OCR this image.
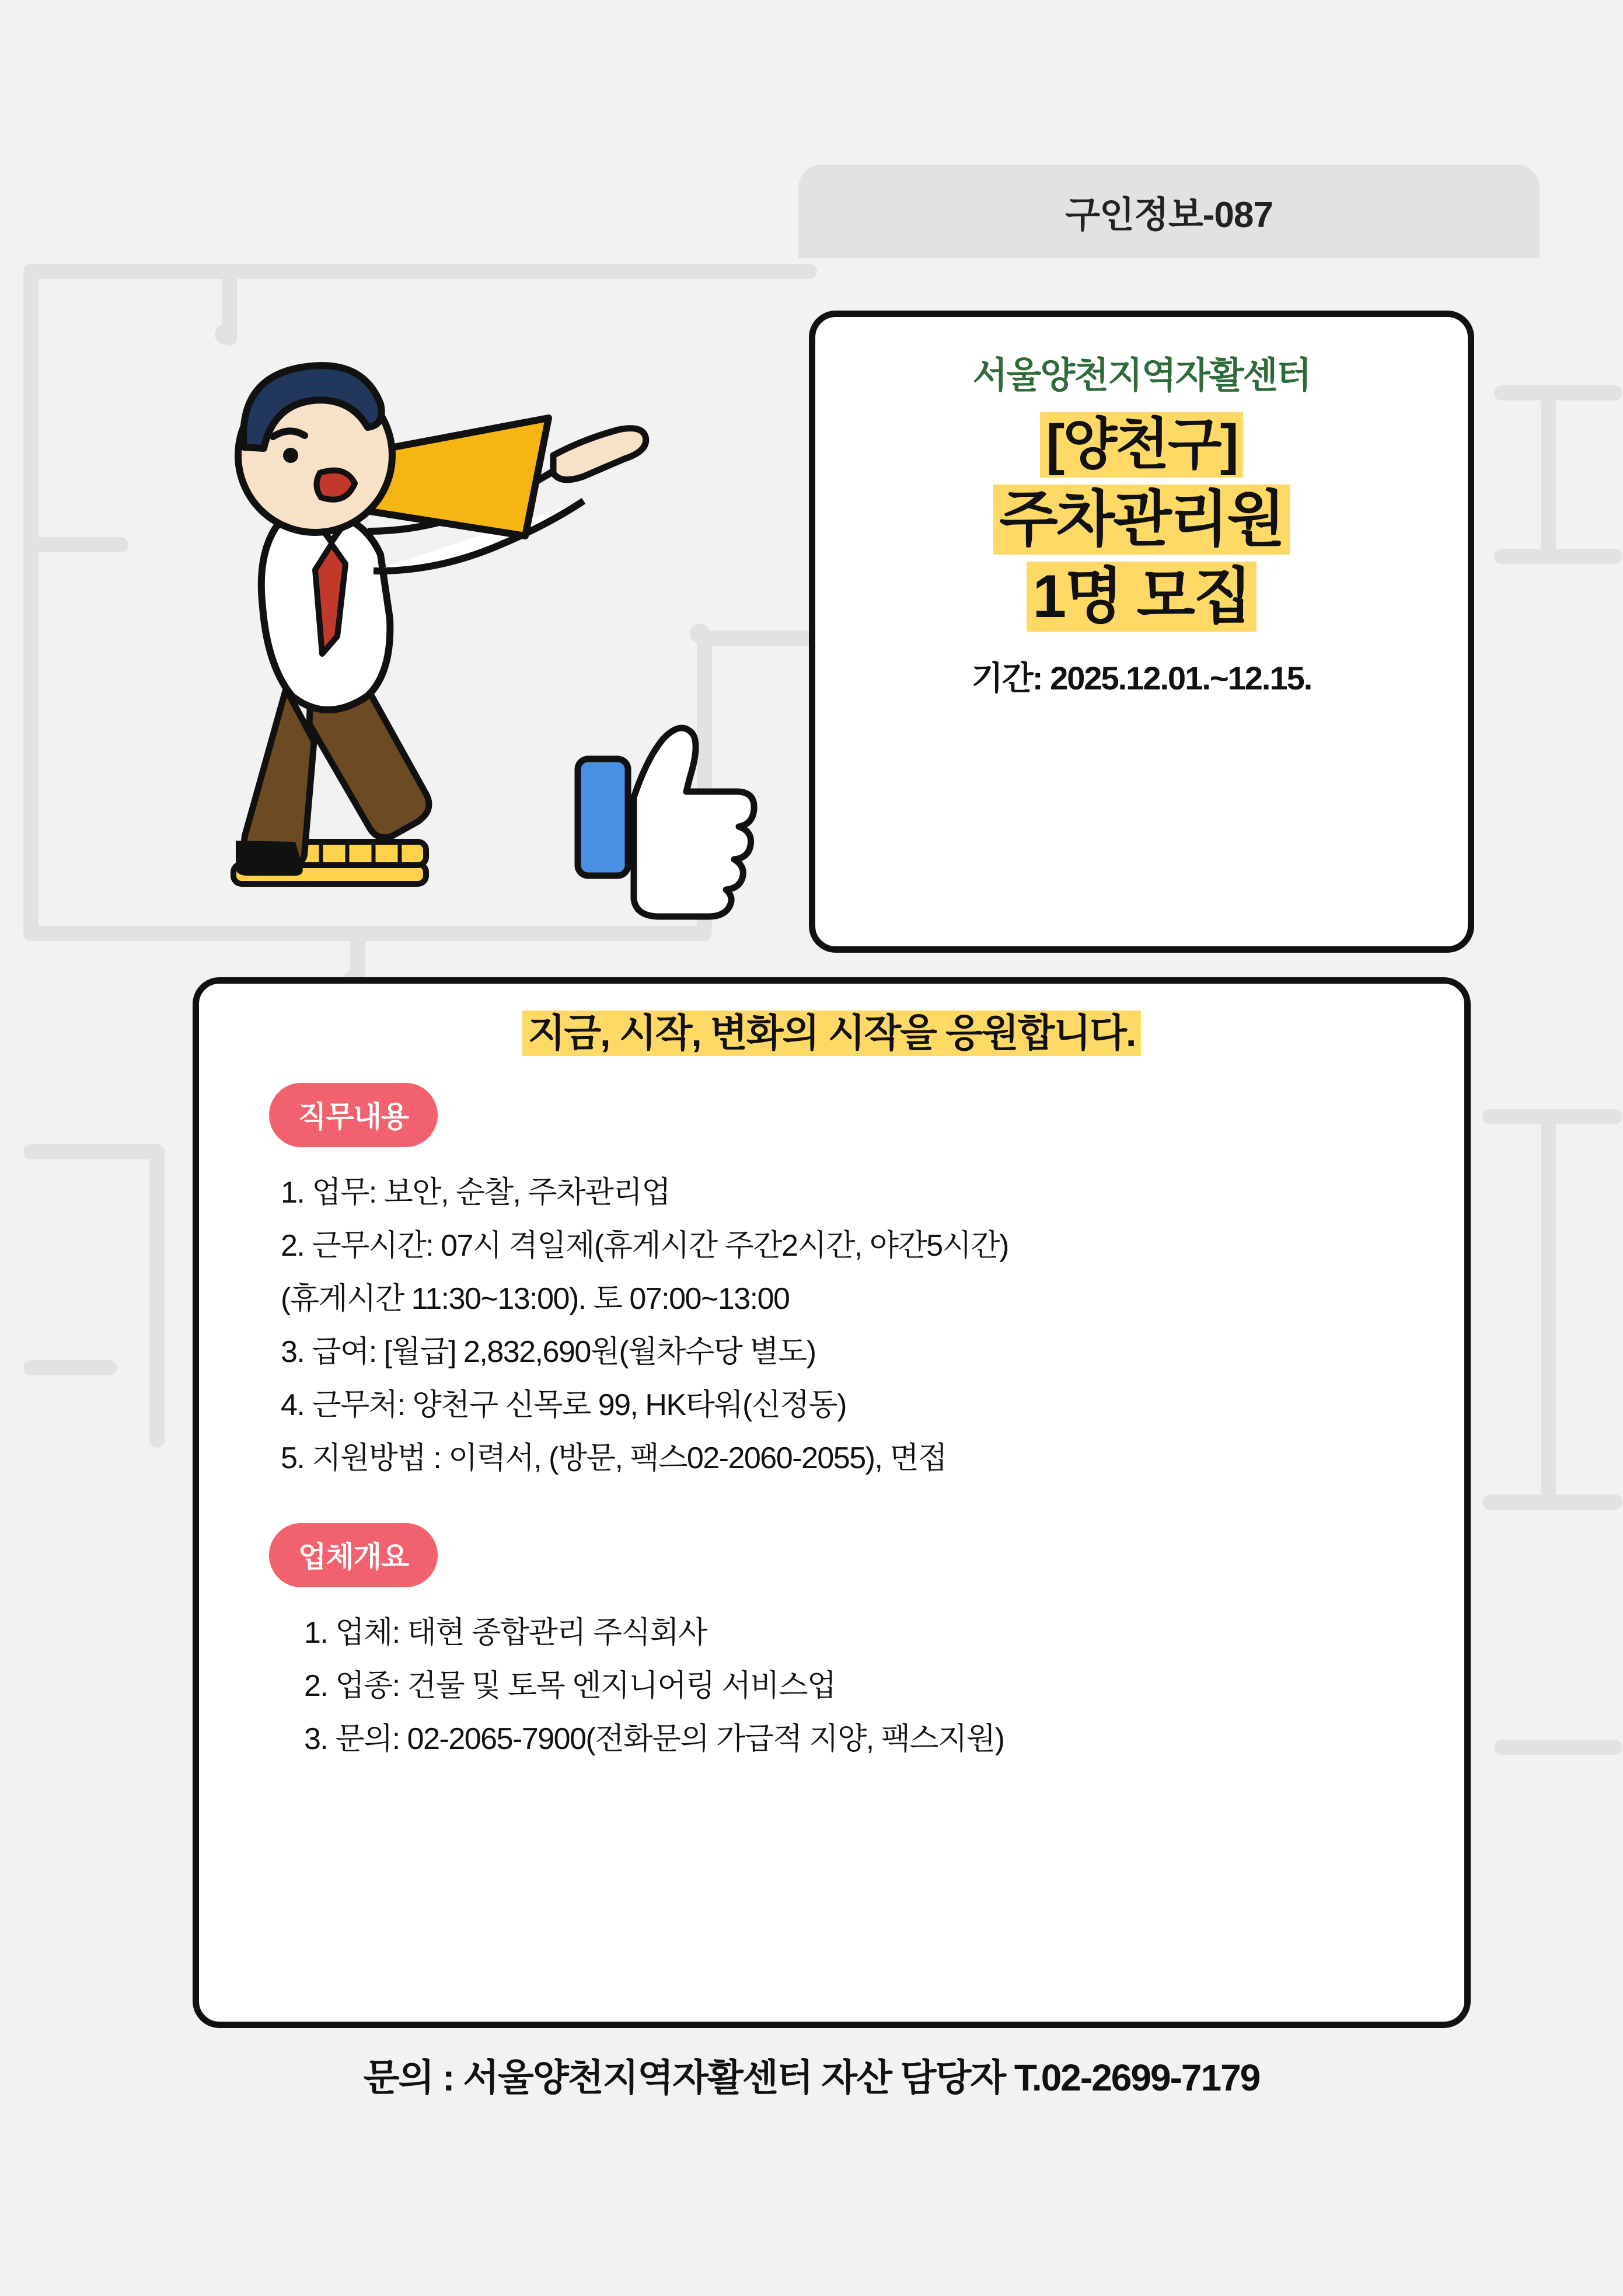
구인정보-087
서울양천지역자활센터
[양천구]
주차관리원
1명 모집
기간: 2025.12.01.~12.15.
지금, 시작, 변화의 시작을 응원합니다.
직무내용
1. 업무: 보안, 순찰, 주차관리업
2. 근무시간: 07시 격일제(휴게시간 주간2시간, 야간5시간)
(휴게시간 11:30~13:00). 토 07:00~13:00
3. 급여: [월급] 2,832,690원(월차수당 별도)
4. 근무처: 양천구 신목로 99, HK타워(신정동)
5. 지원방법 : 이력서, (방문, 팩스02-2060-2055), 면접
업체개요
1. 업체: 태현 종합관리 주식회사
2. 업종: 건물 및 토목 엔지니어링 서비스업
3. 문의: 02-2065-7900(전화문의 가급적 지양, 팩스지원)
문의 : 서울양천지역자활센터 자산 담당자 T.02-2699-7179
